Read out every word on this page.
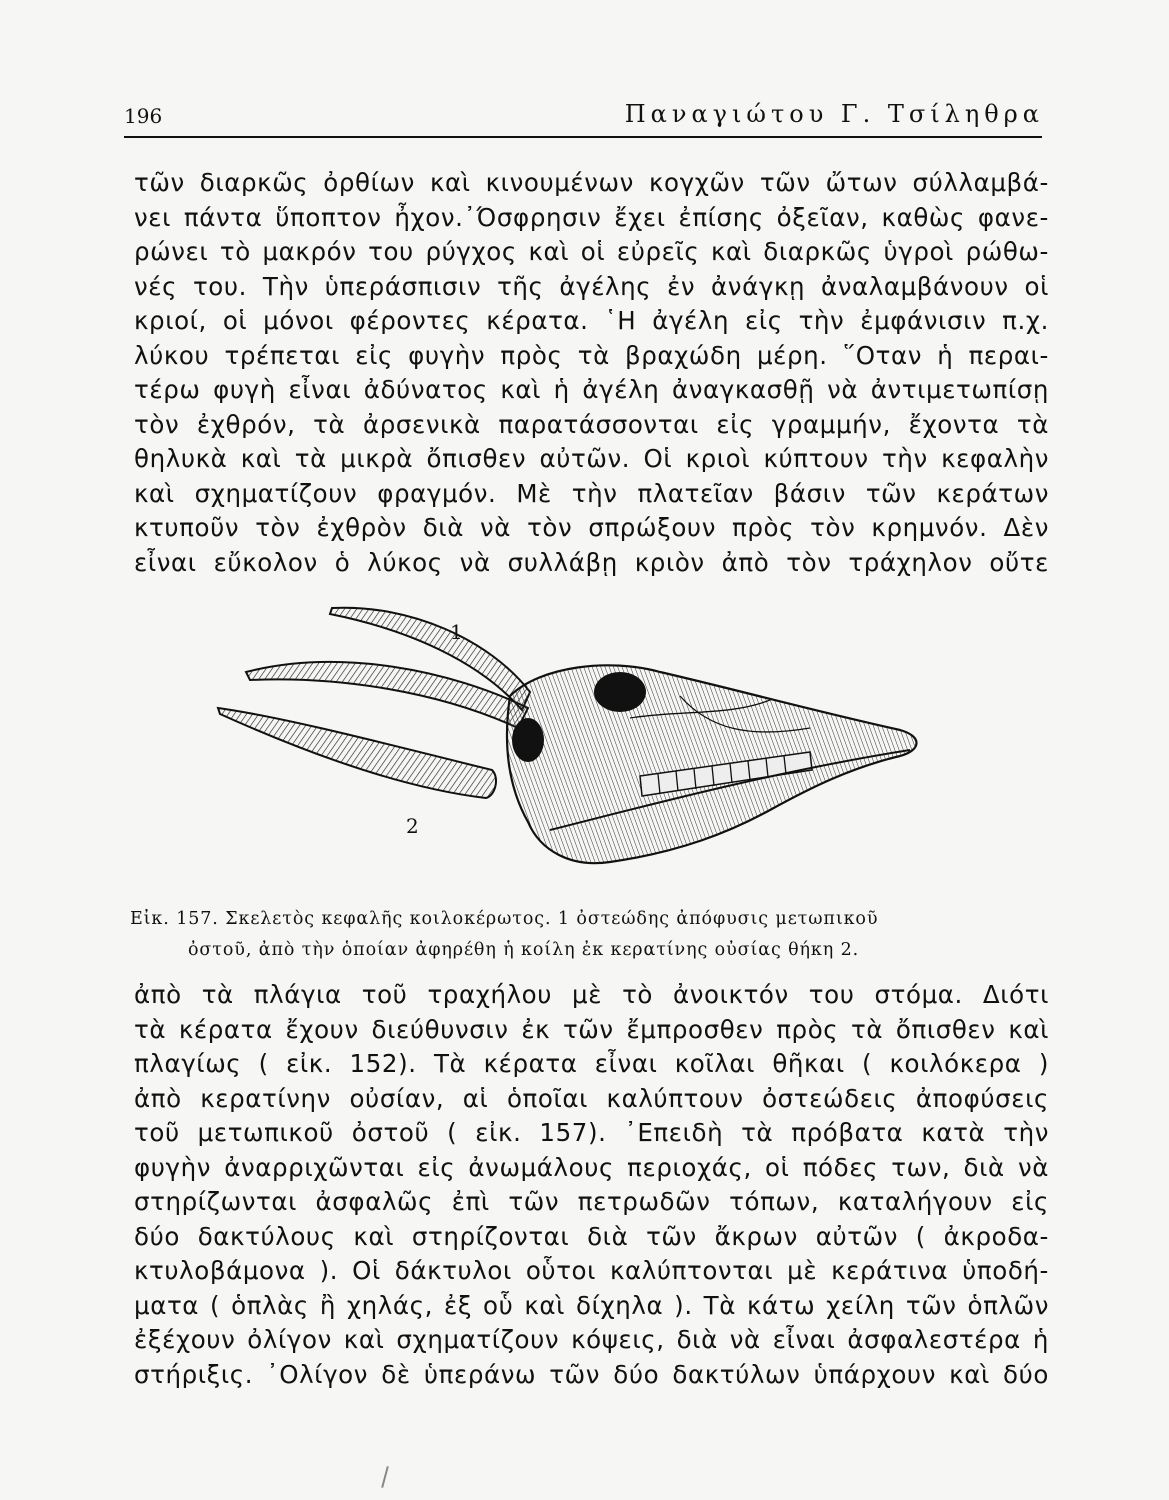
196	Παναγιώτου Γ. Τσίληθρα
τῶν διαρκῶς ὀρθίων καὶ κινουμένων κογχῶν τῶν ὤτων σύλλαμβά-
νει πάντα ὕποπτον ἦχον.᾿Όσφρησιν ἔχει ἐπίσης ὀξεῖαν, καθὼς φανε-
ρώνει τὸ μακρόν του ρύγχος καὶ οἱ εὐρεῖς καὶ διαρκῶς ὑγροὶ ρώθω-
νές του. Τὴν ὑπεράσπισιν τῆς ἀγέλης ἐν ἀνάγκῃ ἀναλαμβάνουν οἱ
κριοί, οἱ μόνοι φέροντες κέρατα. ῾Η ἀγέλη εἰς τὴν ἐμφάνισιν π.χ.
λύκου τρέπεται εἰς φυγὴν πρὸς τὰ βραχώδη μέρη. ῞Οταν ἡ περαι-
τέρω φυγὴ εἶναι ἀδύνατος καὶ ἡ ἀγέλη ἀναγκασθῇ νὰ ἀντιμετωπίσῃ
τὸν ἐχθρόν, τὰ ἀρσενικὰ παρατάσσονται εἰς γραμμήν, ἔχοντα τὰ
θηλυκὰ καὶ τὰ μικρὰ ὄπισθεν αὐτῶν. Οἱ κριοὶ κύπτουν τὴν κεφαλὴν
καὶ σχηματίζουν φραγμόν. Μὲ τὴν πλατεῖαν βάσιν τῶν κεράτων
κτυποῦν τὸν ἐχθρὸν διὰ νὰ τὸν σπρώξουν πρὸς τὸν κρημνόν. Δὲν
εἶναι εὔκολον ὁ λύκος νὰ συλλάβῃ κριὸν ἀπὸ τὸν τράχηλον οὔτε
1
2
Εἰκ. 157. Σκελετὸς κεφαλῆς κοιλοκέρωτος. 1 ὀστεώδης ἀπόφυσις μετωπικοῦ
ὀστοῦ, ἀπὸ τὴν ὁποίαν ἀφηρέθη ἡ κοίλη ἐκ κερατίνης οὐσίας θήκη 2.
ἀπὸ τὰ πλάγια τοῦ τραχήλου μὲ τὸ ἀνοικτόν του στόμα. Διότι
τὰ κέρατα ἔχουν διεύθυνσιν ἐκ τῶν ἔμπροσθεν πρὸς τὰ ὄπισθεν καὶ
πλαγίως ( εἰκ. 152). Τὰ κέρατα εἶναι κοῖλαι θῆκαι ( κοιλόκερα )
ἀπὸ κερατίνην οὐσίαν, αἱ ὁποῖαι καλύπτουν ὀστεώδεις ἀποφύσεις
τοῦ μετωπικοῦ ὀστοῦ ( εἰκ. 157). ᾿Επειδὴ τὰ πρόβατα κατὰ τὴν
φυγὴν ἀναρριχῶνται εἰς ἀνωμάλους περιοχάς, οἱ πόδες των, διὰ νὰ
στηρίζωνται ἀσφαλῶς ἐπὶ τῶν πετρωδῶν τόπων, καταλήγουν εἰς
δύο δακτύλους καὶ στηρίζονται διὰ τῶν ἄκρων αὐτῶν ( ἀκροδα-
κτυλοβάμονα ). Οἱ δάκτυλοι οὗτοι καλύπτονται μὲ κεράτινα ὑποδή-
ματα ( ὁπλὰς ἢ χηλάς, ἐξ οὗ καὶ δίχηλα ). Τὰ κάτω χείλη τῶν ὁπλῶν
ἐξέχουν ὀλίγον καὶ σχηματίζουν κόψεις, διὰ νὰ εἶναι ἀσφαλεστέρα ἡ
στήριξις. ᾿Ολίγον δὲ ὑπεράνω τῶν δύο δακτύλων ὑπάρχουν καὶ δύο
